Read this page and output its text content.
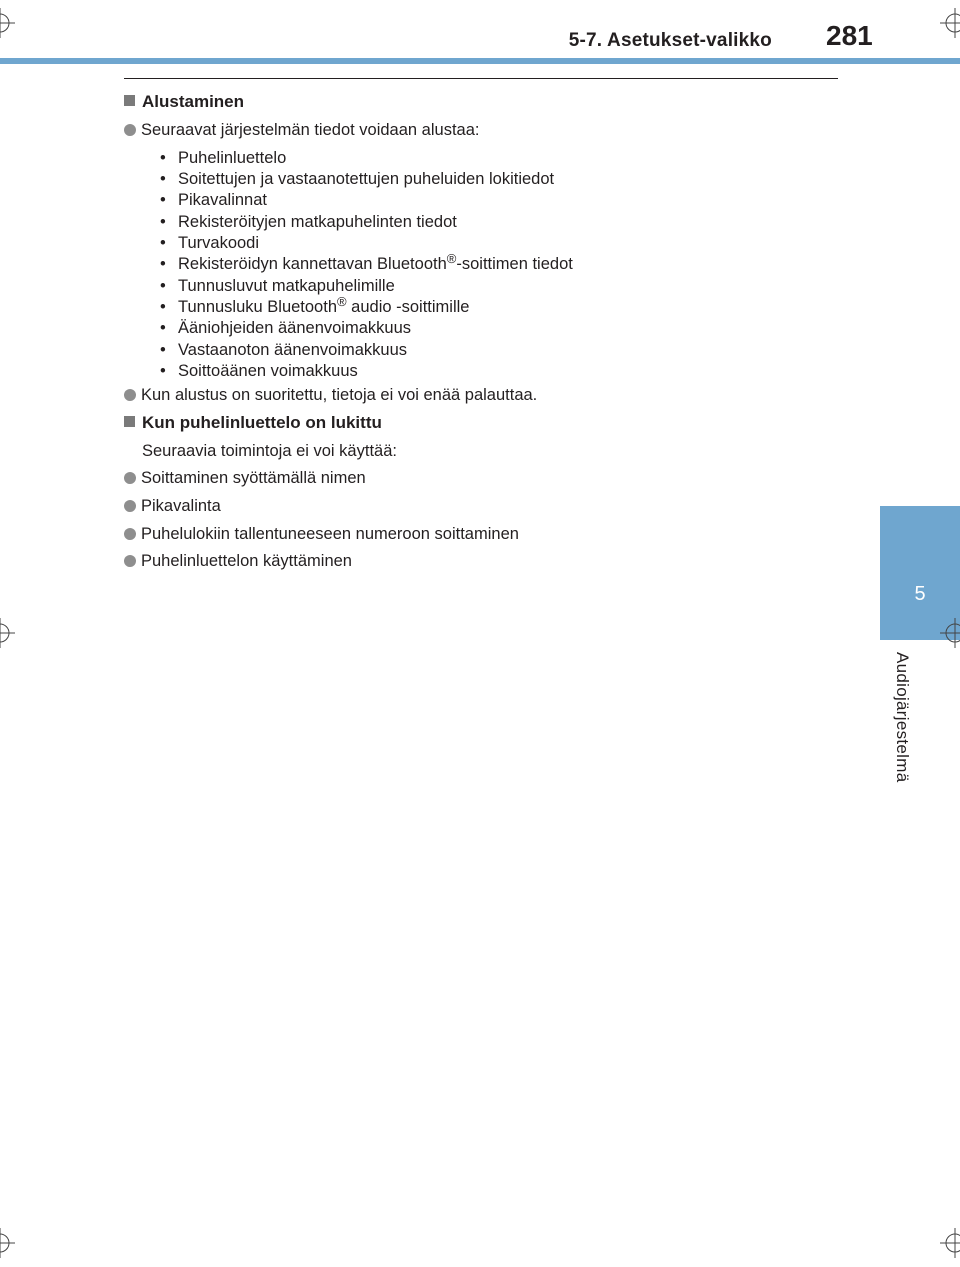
5-7. Asetukset-valikko 281
5
Audiojärjestelmä
Alustaminen
Seuraavat järjestelmän tiedot voidaan alustaa:
• Puhelinluettelo
• Soitettujen ja vastaanotettujen puheluiden lokitiedot
• Pikavalinnat
• Rekisteröityjen matkapuhelinten tiedot
• Turvakoodi
• Rekisteröidyn kannettavan Bluetooth®-soittimen tiedot
• Tunnusluvut matkapuhelimille
• Tunnusluku Bluetooth® audio -soittimille
• Ääniohjeiden äänenvoimakkuus
• Vastaanoton äänenvoimakkuus
• Soittoäänen voimakkuus
Kun alustus on suoritettu, tietoja ei voi enää palauttaa.
Kun puhelinluettelo on lukittu
Seuraavia toimintoja ei voi käyttää:
Soittaminen syöttämällä nimen
Pikavalinta
Puhelulokiin tallentuneeseen numeroon soittaminen
Puhelinluettelon käyttäminen
